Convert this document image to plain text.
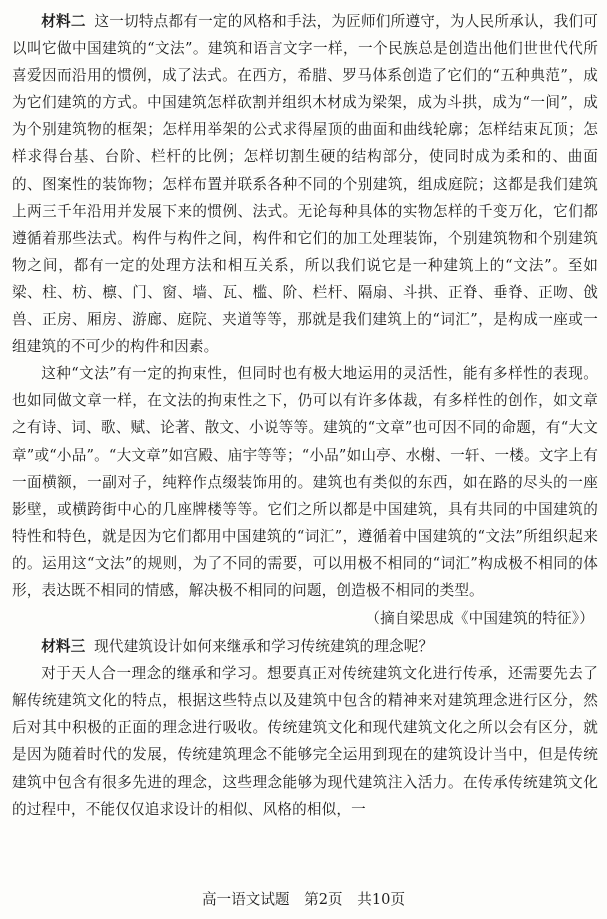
材料二 这一切特点都有一定的风格和手法，为匠师们所遵守，为人民所承认，我们可以叫它做中国建筑的“文法”。建筑和语言文字一样，一个民族总是创造出他们世世代代所喜爱因而沿用的惯例，成了法式。在西方，希腊、罗马体系创造了它们的“五种典范”，成为它们建筑的方式。中国建筑怎样砍割并组织木材成为梁架，成为斗拱，成为“一间”，成为个别建筑物的框架；怎样用举架的公式求得屋顶的曲面和曲线轮廓；怎样结束瓦顶；怎样求得台基、台阶、栏杆的比例；怎样切割生硬的结构部分，使同时成为柔和的、曲面的、图案性的装饰物；怎样布置并联系各种不同的个别建筑，组成庭院；这都是我们建筑上两三千年沿用并发展下来的惯例、法式。无论每种具体的实物怎样的千变万化，它们都遵循着那些法式。构件与构件之间，构件和它们的加工处理装饰，个别建筑物和个别建筑物之间，都有一定的处理方法和相互关系，所以我们说它是一种建筑上的“文法”。至如梁、柱、枋、檩、门、窗、墙、瓦、槛、阶、栏杆、隔扇、斗拱、正脊、垂脊、正吻、戗兽、正房、厢房、游廊、庭院、夹道等等，那就是我们建筑上的“词汇”，是构成一座或一组建筑的不可少的构件和因素。

这种“文法”有一定的拘束性，但同时也有极大地运用的灵活性，能有多样性的表现。也如同做文章一样，在文法的拘束性之下，仍可以有许多体裁，有多样性的创作，如文章之有诗、词、歌、赋、论著、散文、小说等等。建筑的“文章”也可因不同的命题，有“大文章”或“小品”。“大文章”如宫殿、庙宇等等；“小品”如山亭、水榭、一轩、一楼。文字上有一面横额，一副对子，纯粹作点缀装饰用的。建筑也有类似的东西，如在路的尽头的一座影壁，或横跨街中心的几座牌楼等等。它们之所以都是中国建筑，具有共同的中国建筑的特性和特色，就是因为它们都用中国建筑的“词汇”，遵循着中国建筑的“文法”所组织起来的。运用这“文法”的规则，为了不同的需要，可以用极不相同的“词汇”构成极不相同的体形，表达既不相同的情感，解决极不相同的问题，创造极不相同的类型。

（摘自梁思成《中国建筑的特征》）

材料三 现代建筑设计如何来继承和学习传统建筑的理念呢？

对于天人合一理念的继承和学习。想要真正对传统建筑文化进行传承，还需要先去了解传统建筑文化的特点，根据这些特点以及建筑中包含的精神来对建筑理念进行区分，然后对其中积极的正面的理念进行吸收。传统建筑文化和现代建筑文化之所以会有区分，就是因为随着时代的发展，传统建筑理念不能够完全运用到现在的建筑设计当中，但是传统建筑中包含有很多先进的理念，这些理念能够为现代建筑注入活力。在传承传统建筑文化的过程中，不能仅仅追求设计的相似、风格的相似，一

高一语文试题 第2页 共10页
